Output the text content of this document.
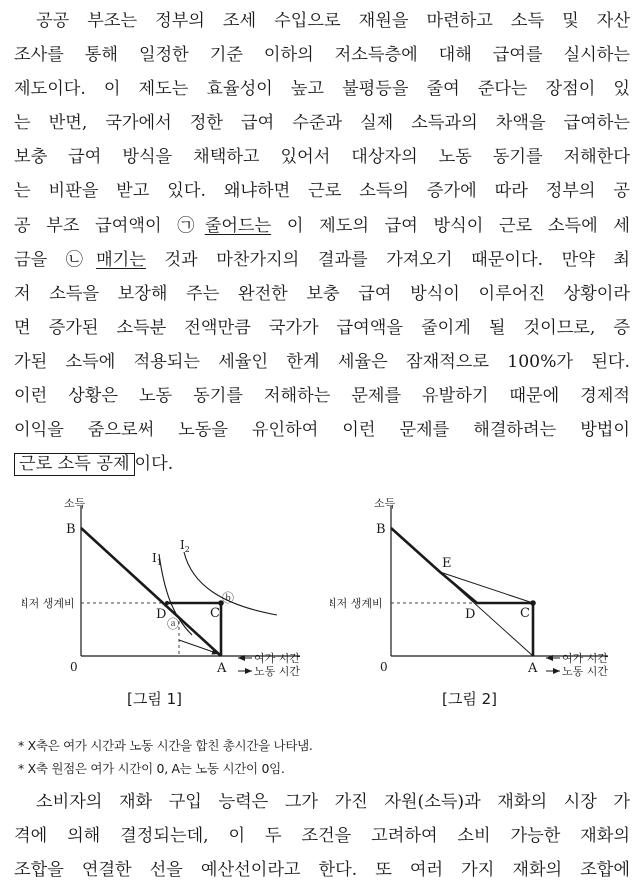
공공 부조는 정부의 조세 수입으로 재원을 마련하고 소득 및 자산
조사를 통해 일정한 기준 이하의 저소득층에 대해 급여를 실시하는
제도이다. 이 제도는 효율성이 높고 불평등을 줄여 준다는 장점이 있
는 반면, 국가에서 정한 급여 수준과 실제 소득과의 차액을 급여하는
보충 급여 방식을 채택하고 있어서 대상자의 노동 동기를 저해한다
는 비판을 받고 있다. 왜냐하면 근로 소득의 증가에 따라 정부의 공
공 부조 급여액이 ㉠줄어드는 이 제도의 급여 방식이 근로 소득에 세
금을 ㉡매기는 것과 마찬가지의 결과를 가져오기 때문이다. 만약 최
저 소득을 보장해 주는 완전한 보충 급여 방식이 이루어진 상황이라
면 증가된 소득분 전액만큼 국가가 급여액을 줄이게 될 것이므로, 증
가된 소득에 적용되는 세율인 한계 세율은 잠재적으로 100%가 된다.
이런 상황은 노동 동기를 저해하는 문제를 유발하기 때문에 경제적
이익을 줌으로써 노동을 유인하여 이런 문제를 해결하려는 방법이
근로 소득 공제 이다.
소득
최저 생계비
0
B
D	C
A
$I_1$
$I_2$
ⓐ
ⓑ
여가 시간
노동 시간
[그림 1]
소득
최저 생계비
0
B
E
D	C
A
여가 시간
노동 시간
[그림 2]
* X축은 여가 시간과 노동 시간을 합친 총시간을 나타냄.
* X축 원점은 여가 시간이 0, A는 노동 시간이 0임.
소비자의 재화 구입 능력은 그가 가진 자원(소득)과 재화의 시장 가
격에 의해 결정되는데, 이 두 조건을 고려하여 소비 가능한 재화의
조합을 연결한 선을 예산선이라고 한다. 또 여러 가지 재화의 조합에
